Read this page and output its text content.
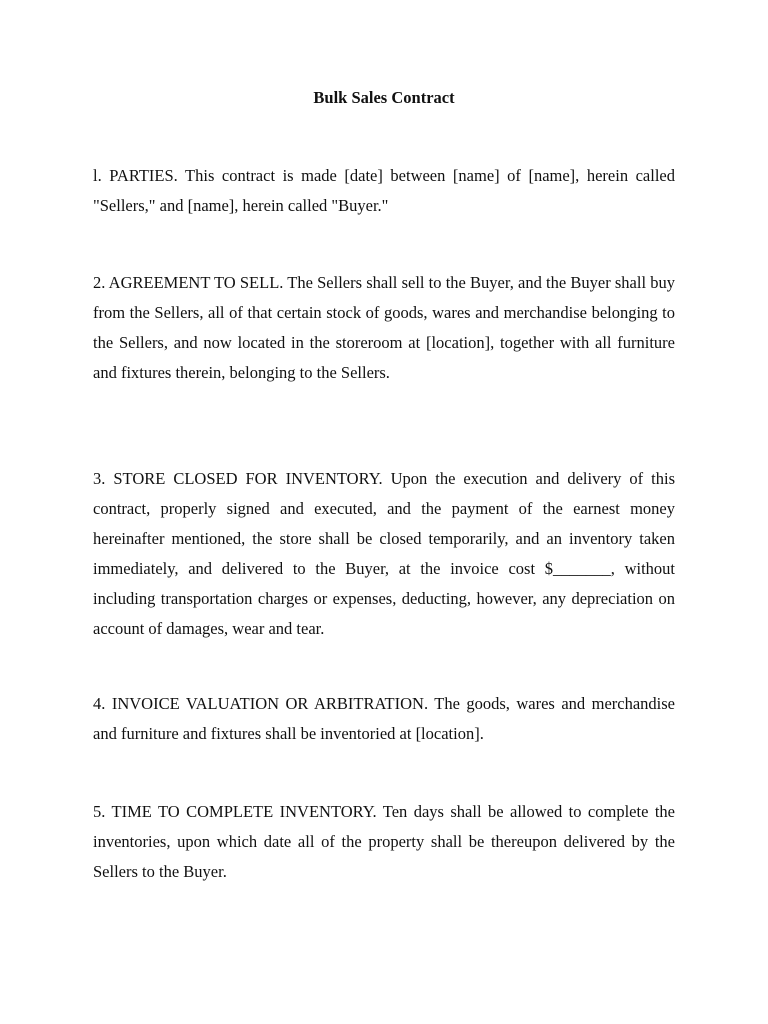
Bulk Sales Contract

l. PARTIES. This contract is made [date] between [name] of [name], herein called "Sellers," and [name], herein called "Buyer."

2. AGREEMENT TO SELL. The Sellers shall sell to the Buyer, and the Buyer shall buy from the Sellers, all of that certain stock of goods, wares and merchandise belonging to the Sellers, and now located in the storeroom at [location], together with all furniture and fixtures therein, belonging to the Sellers.

3. STORE CLOSED FOR INVENTORY. Upon the execution and delivery of this contract, properly signed and executed, and the payment of the earnest money hereinafter mentioned, the store shall be closed temporarily, and an inventory taken immediately, and delivered to the Buyer, at the invoice cost $_______, without including transportation charges or expenses, deducting, however, any depreciation on account of damages, wear and tear.

4. INVOICE VALUATION OR ARBITRATION. The goods, wares and merchandise and furniture and fixtures shall be inventoried at [location].

5. TIME TO COMPLETE INVENTORY. Ten days shall be allowed to complete the inventories, upon which date all of the property shall be thereupon delivered by the Sellers to the Buyer.
